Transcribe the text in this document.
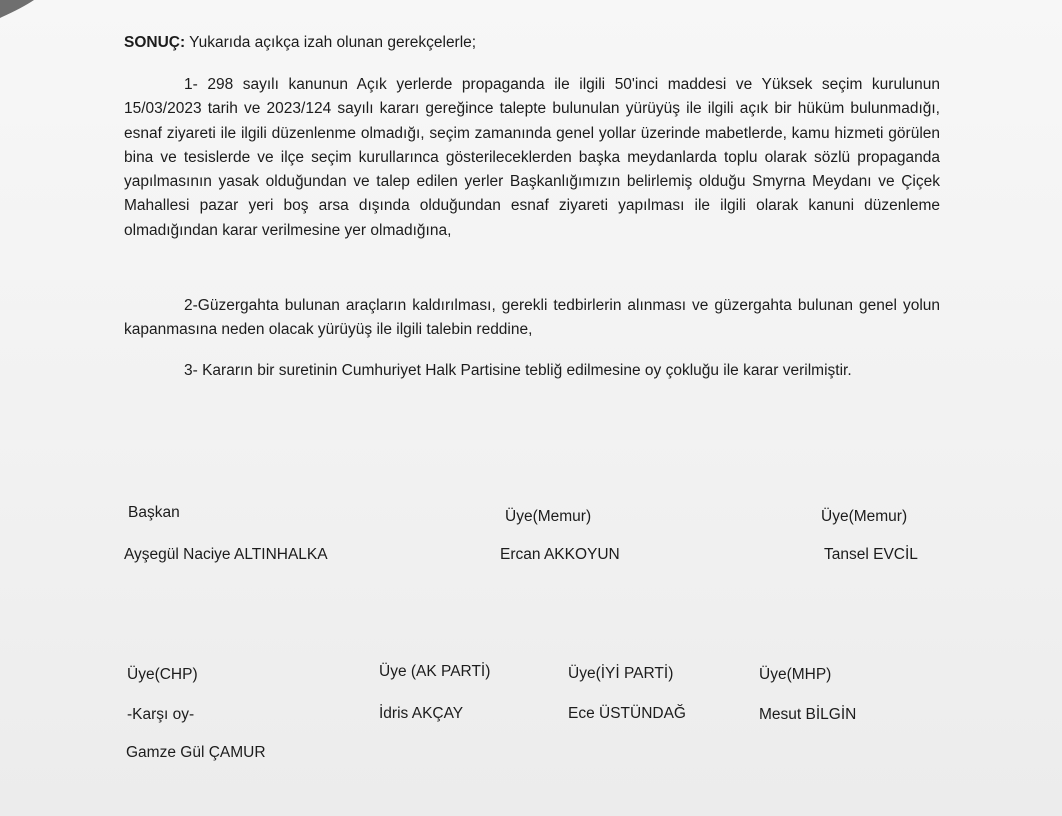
SONUÇ: Yukarıda açıkça izah olunan gerekçelerle;

1- 298 sayılı kanunun Açık yerlerde propaganda ile ilgili 50'inci maddesi ve Yüksek seçim kurulunun 15/03/2023 tarih ve 2023/124 sayılı kararı gereğince talepte bulunulan yürüyüş ile ilgili açık bir hüküm bulunmadığı, esnaf ziyareti ile ilgili düzenlenme olmadığı, seçim zamanında genel yollar üzerinde mabetlerde, kamu hizmeti görülen bina ve tesislerde ve ilçe seçim kurullarınca gösterileceklerden başka meydanlarda toplu olarak sözlü propaganda yapılmasının yasak olduğundan ve talep edilen yerler Başkanlığımızın belirlemiş olduğu Smyrna Meydanı ve Çiçek Mahallesi pazar yeri boş arsa dışında olduğundan esnaf ziyareti yapılması ile ilgili olarak kanuni düzenleme olmadığından karar verilmesine yer olmadığına,

2-Güzergahta bulunan araçların kaldırılması, gerekli tedbirlerin alınması ve güzergahta bulunan genel yolun kapanmasına neden olacak yürüyüş ile ilgili talebin reddine,

3- Kararın bir suretinin Cumhuriyet Halk Partisine tebliğ edilmesine oy çokluğu ile karar verilmiştir.

Başkan
Ayşegül Naciye ALTINHALKA
Üye(Memur)
Ercan AKKOYUN
Üye(Memur)
Tansel EVCİL
Üye(CHP)
-Karşı oy-
Gamze Gül ÇAMUR
Üye (AK PARTİ)
İdris AKÇAY
Üye(İYİ PARTİ)
Ece ÜSTÜNDAĞ
Üye(MHP)
Mesut BİLGİN
